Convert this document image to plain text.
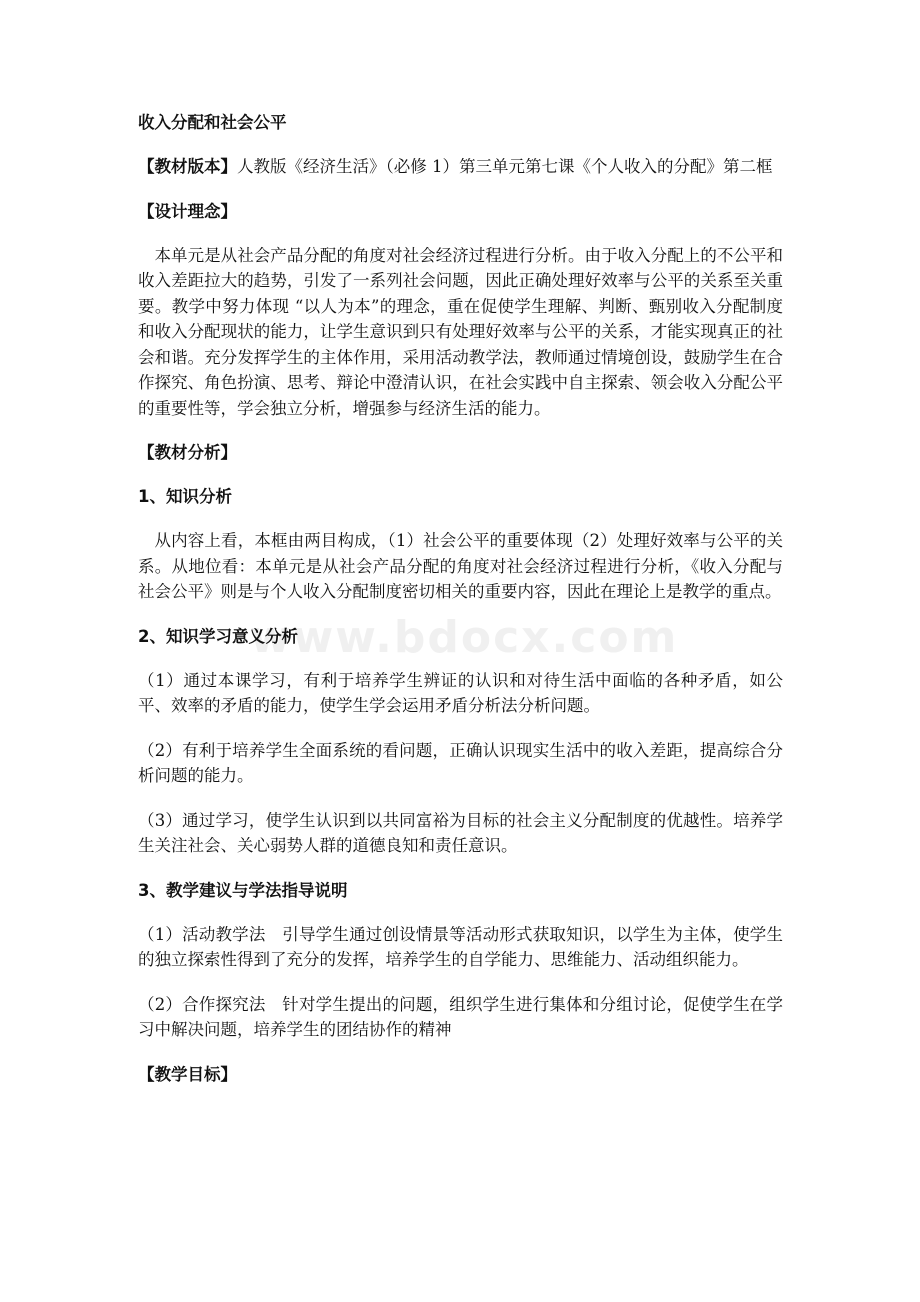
www.bdocx.com
收入分配和社会公平
【教材版本】人教版《经济生活》（必修 1）第三单元第七课《个人收入的分配》第二框
【设计理念】
本单元是从社会产品分配的角度对社会经济过程进行分析。由于收入分配上的不公平和收入差距拉大的趋势，引发了一系列社会问题，因此正确处理好效率与公平的关系至关重要。教学中努力体现 “以人为本”的理念，重在促使学生理解、判断、甄别收入分配制度和收入分配现状的能力，让学生意识到只有处理好效率与公平的关系，才能实现真正的社会和谐。充分发挥学生的主体作用，采用活动教学法，教师通过情境创设，鼓励学生在合作探究、角色扮演、思考、辩论中澄清认识，在社会实践中自主探索、领会收入分配公平的重要性等，学会独立分析，增强参与经济生活的能力。
【教材分析】
1、知识分析
从内容上看，本框由两目构成，（1）社会公平的重要体现（2）处理好效率与公平的关系。从地位看：本单元是从社会产品分配的角度对社会经济过程进行分析，《收入分配与社会公平》则是与个人收入分配制度密切相关的重要内容，因此在理论上是教学的重点。
2、知识学习意义分析
（1）通过本课学习，有利于培养学生辨证的认识和对待生活中面临的各种矛盾，如公平、效率的矛盾的能力，使学生学会运用矛盾分析法分析问题。
（2）有利于培养学生全面系统的看问题，正确认识现实生活中的收入差距，提高综合分析问题的能力。
（3）通过学习，使学生认识到以共同富裕为目标的社会主义分配制度的优越性。培养学生关注社会、关心弱势人群的道德良知和责任意识。
3、教学建议与学法指导说明
（1）活动教学法　引导学生通过创设情景等活动形式获取知识，以学生为主体，使学生的独立探索性得到了充分的发挥，培养学生的自学能力、思维能力、活动组织能力。
（2）合作探究法　针对学生提出的问题，组织学生进行集体和分组讨论，促使学生在学习中解决问题，培养学生的团结协作的精神
【教学目标】
